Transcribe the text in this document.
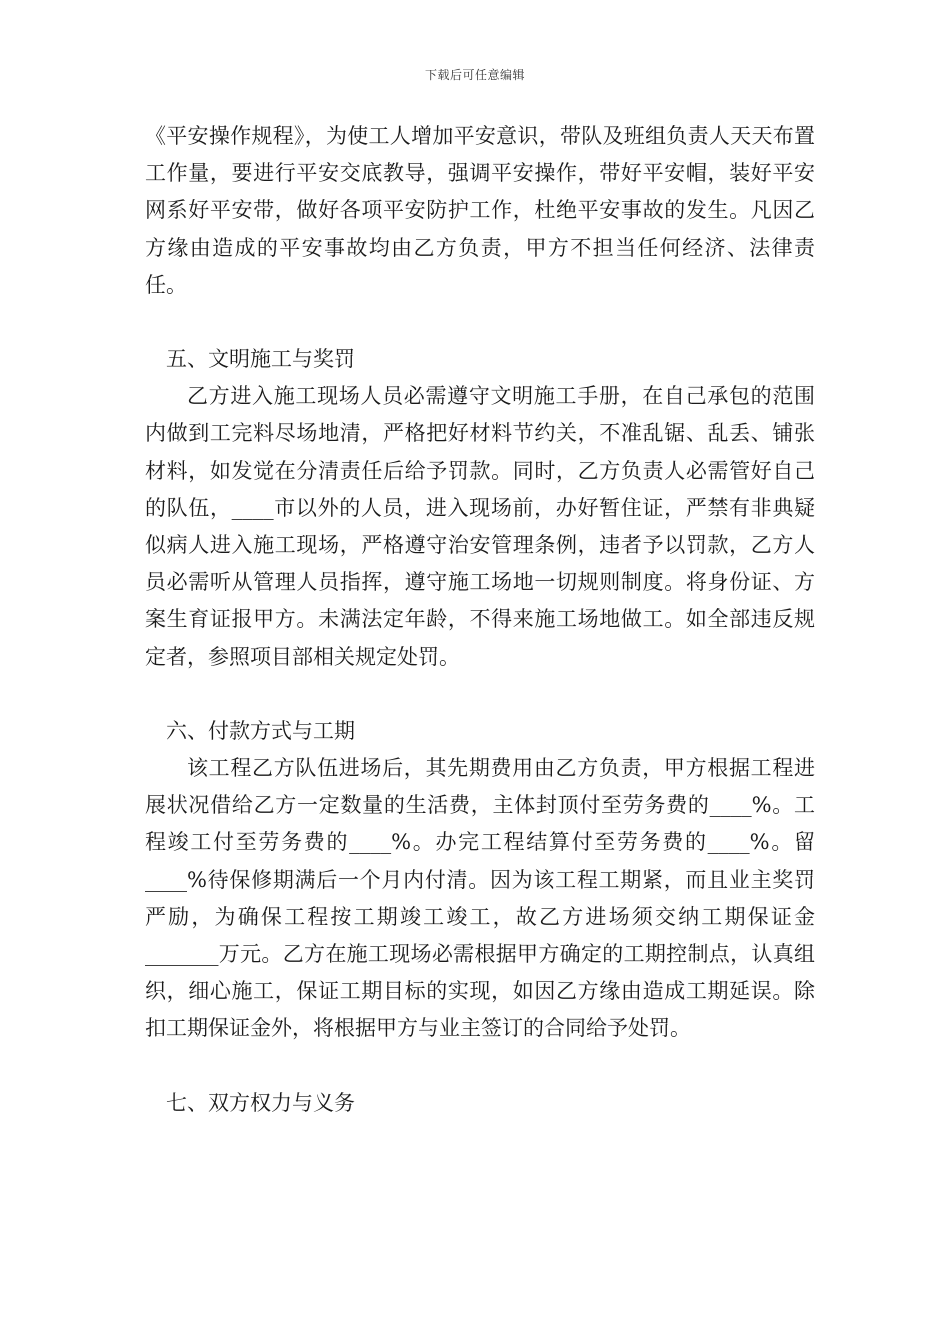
下载后可任意编辑

《平安操作规程》，为使工人增加平安意识，带队及班组负责人天天布置工作量，要进行平安交底教导，强调平安操作，带好平安帽，装好平安网系好平安带，做好各项平安防护工作，杜绝平安事故的发生。凡因乙方缘由造成的平安事故均由乙方负责，甲方不担当任何经济、法律责任。

五、文明施工与奖罚

乙方进入施工现场人员必需遵守文明施工手册，在自己承包的范围内做到工完料尽场地清，严格把好材料节约关，不准乱锯、乱丢、铺张材料，如发觉在分清责任后给予罚款。同时，乙方负责人必需管好自己的队伍，____市以外的人员，进入现场前，办好暂住证，严禁有非典疑似病人进入施工现场，严格遵守治安管理条例，违者予以罚款，乙方人员必需听从管理人员指挥，遵守施工场地一切规则制度。将身份证、方案生育证报甲方。未满法定年龄，不得来施工场地做工。如全部违反规定者，参照项目部相关规定处罚。

六、付款方式与工期

该工程乙方队伍进场后，其先期费用由乙方负责，甲方根据工程进展状况借给乙方一定数量的生活费，主体封顶付至劳务费的____%。工程竣工付至劳务费的____%。办完工程结算付至劳务费的____%。留____%待保修期满后一个月内付清。因为该工程工期紧，而且业主奖罚严励，为确保工程按工期竣工竣工，故乙方进场须交纳工期保证金_______万元。乙方在施工现场必需根据甲方确定的工期控制点，认真组织，细心施工，保证工期目标的实现，如因乙方缘由造成工期延误。除扣工期保证金外，将根据甲方与业主签订的合同给予处罚。

七、双方权力与义务
